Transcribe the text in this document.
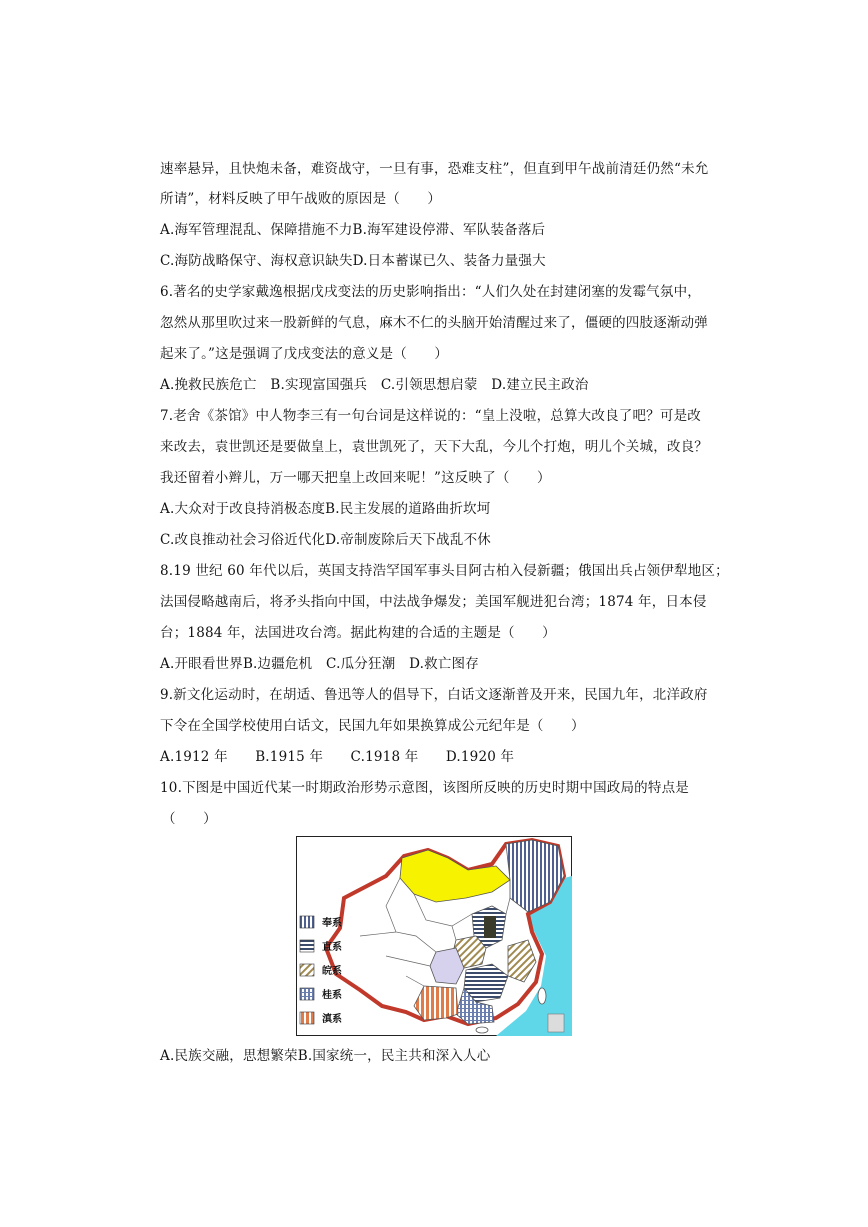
速率悬异，且快炮未备，难资战守，一旦有事，恐难支柱”，但直到甲午战前清廷仍然“未允
所请”，材料反映了甲午战败的原因是（　　）
A.海军管理混乱、保障措施不力B.海军建设停滞、军队装备落后
C.海防战略保守、海权意识缺失D.日本蓄谋已久、装备力量强大
6.著名的史学家戴逸根据戊戌变法的历史影响指出：“人们久处在封建闭塞的发霉气氛中，
忽然从那里吹过来一股新鲜的气息，麻木不仁的头脑开始清醒过来了，僵硬的四肢逐渐动弹
起来了。”这是强调了戊戌变法的意义是（　　）
A.挽救民族危亡　B.实现富国强兵　C.引领思想启蒙　D.建立民主政治
7.老舍《茶馆》中人物李三有一句台词是这样说的：“皇上没啦，总算大改良了吧？可是改
来改去，袁世凯还是要做皇上，袁世凯死了，天下大乱，今儿个打炮，明儿个关城，改良？
我还留着小辫儿，万一哪天把皇上改回来呢！”这反映了（　　）
A.大众对于改良持消极态度B.民主发展的道路曲折坎坷
C.改良推动社会习俗近代化D.帝制废除后天下战乱不休
8.19 世纪 60 年代以后，英国支持浩罕国军事头目阿古柏入侵新疆；俄国出兵占领伊犁地区；
法国侵略越南后，将矛头指向中国，中法战争爆发；美国军舰进犯台湾；1874 年，日本侵
台；1884 年，法国进攻台湾。据此构建的合适的主题是（　　）
A.开眼看世界B.边疆危机　C.瓜分狂潮　D.救亡图存
9.新文化运动时，在胡适、鲁迅等人的倡导下，白话文逐渐普及开来，民国九年，北洋政府
下令在全国学校使用白话文，民国九年如果换算成公元纪年是（　　）
A.1912 年　　B.1915 年　　C.1918 年　　D.1920 年
10.下图是中国近代某一时期政治形势示意图，该图所反映的历史时期中国政局的特点是
（　　）
A.民族交融，思想繁荣B.国家统一，民主共和深入人心
奉系
直系
皖系
桂系
滇系
